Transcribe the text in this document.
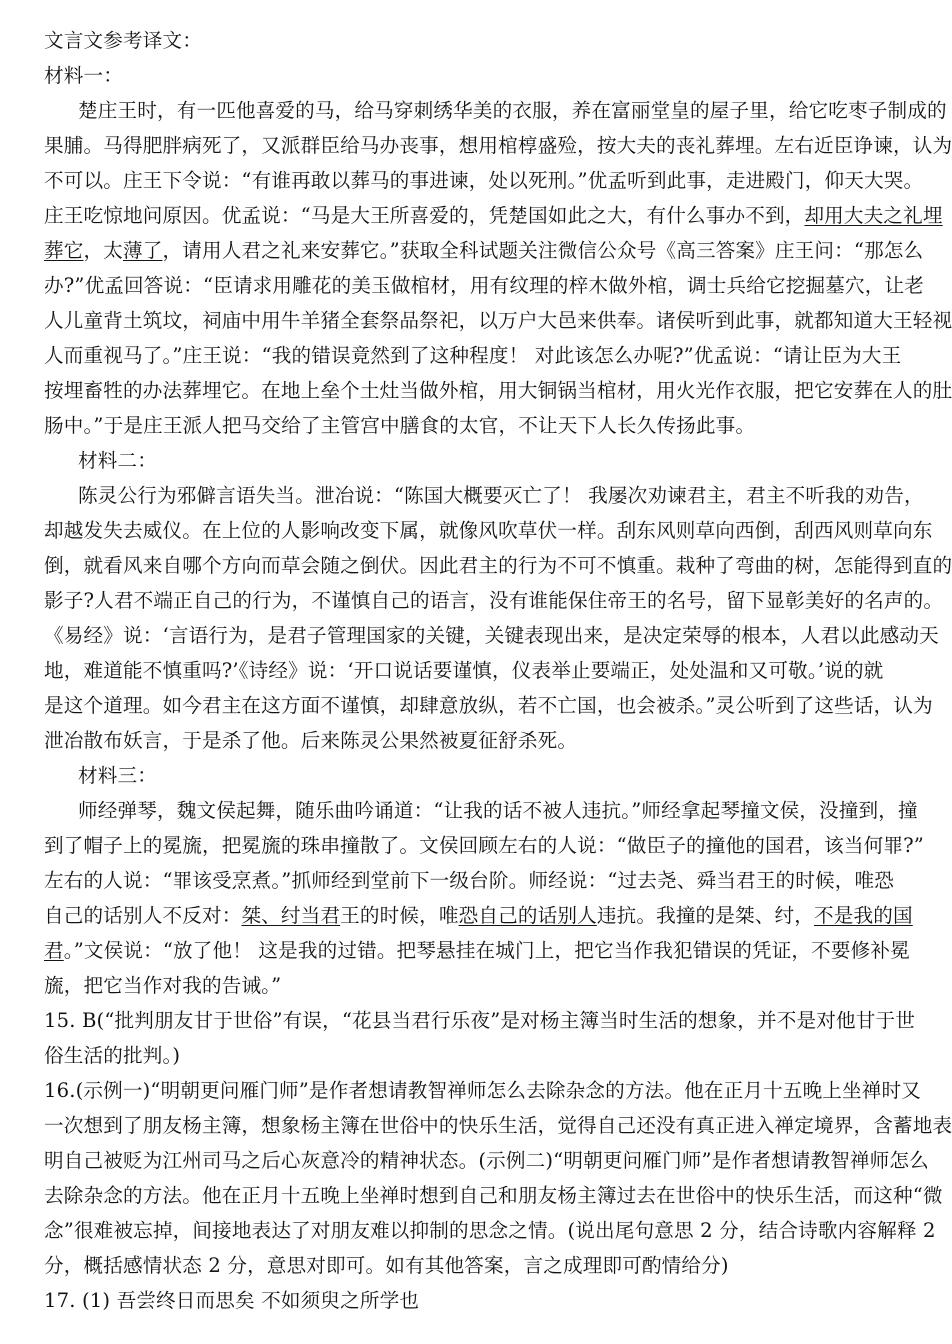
文言文参考译文：
材料一：
楚庄王时，有一匹他喜爱的马，给马穿刺绣华美的衣服，养在富丽堂皇的屋子里，给它吃枣子制成的
果脯。马得肥胖病死了，又派群臣给马办丧事，想用棺椁盛殓，按大夫的丧礼葬埋。左右近臣诤谏，认为
不可以。庄王下令说：“有谁再敢以葬马的事进谏，处以死刑。”优孟听到此事，走进殿门，仰天大哭。
庄王吃惊地问原因。优孟说：“马是大王所喜爱的，凭楚国如此之大，有什么事办不到，却用大夫之礼埋
葬它，太薄了，请用人君之礼来安葬它。”获取全科试题关注微信公众号《高三答案》庄王问：“那怎么
办?”优孟回答说：“臣请求用雕花的美玉做棺材，用有纹理的梓木做外棺，调士兵给它挖掘墓穴，让老
人儿童背土筑坟，祠庙中用牛羊猪全套祭品祭祀，以万户大邑来供奉。诸侯听到此事，就都知道大王轻视
人而重视马了。”庄王说：“我的错误竟然到了这种程度！ 对此该怎么办呢?”优孟说：“请让臣为大王
按埋畜牲的办法葬埋它。在地上垒个土灶当做外棺，用大铜锅当棺材，用火光作衣服，把它安葬在人的肚
肠中。”于是庄王派人把马交给了主管宫中膳食的太官，不让天下人长久传扬此事。
材料二：
陈灵公行为邪僻言语失当。泄冶说：“陈国大概要灭亡了！ 我屡次劝谏君主，君主不听我的劝告，
却越发失去威仪。在上位的人影响改变下属，就像风吹草伏一样。刮东风则草向西倒，刮西风则草向东
倒，就看风来自哪个方向而草会随之倒伏。因此君主的行为不可不慎重。栽种了弯曲的树，怎能得到直的
影子?人君不端正自己的行为，不谨慎自己的语言，没有谁能保住帝王的名号，留下显彰美好的名声的。
《易经》说：‘言语行为，是君子管理国家的关键，关键表现出来，是决定荣辱的根本，人君以此感动天
地，难道能不慎重吗?’《诗经》说：‘开口说话要谨慎，仪表举止要端正，处处温和又可敬。’说的就
是这个道理。如今君主在这方面不谨慎，却肆意放纵，若不亡国，也会被杀。”灵公听到了这些话，认为
泄冶散布妖言，于是杀了他。后来陈灵公果然被夏征舒杀死。
材料三：
师经弹琴，魏文侯起舞，随乐曲吟诵道：“让我的话不被人违抗。”师经拿起琴撞文侯，没撞到，撞
到了帽子上的冕旒，把冕旒的珠串撞散了。文侯回顾左右的人说：“做臣子的撞他的国君，该当何罪?”
左右的人说：“罪该受烹煮。”抓师经到堂前下一级台阶。师经说：“过去尧、舜当君王的时候，唯恐
自己的话别人不反对：桀、纣当君王的时候，唯恐自己的话别人违抗。我撞的是桀、纣，不是我的国
君。”文侯说：“放了他！ 这是我的过错。把琴悬挂在城门上，把它当作我犯错误的凭证，不要修补冕
旒，把它当作对我的告诫。”
15. B(“批判朋友甘于世俗”有误，“花县当君行乐夜”是对杨主簿当时生活的想象，并不是对他甘于世
俗生活的批判。)
16.(示例一)“明朝更问雁门师”是作者想请教智禅师怎么去除杂念的方法。他在正月十五晚上坐禅时又
一次想到了朋友杨主簿，想象杨主簿在世俗中的快乐生活，觉得自己还没有真正进入禅定境界，含蓄地表
明自己被贬为江州司马之后心灰意冷的精神状态。(示例二)“明朝更问雁门师”是作者想请教智禅师怎么
去除杂念的方法。他在正月十五晚上坐禅时想到自己和朋友杨主簿过去在世俗中的快乐生活，而这种“微
念”很难被忘掉，间接地表达了对朋友难以抑制的思念之情。(说出尾句意思 2 分，结合诗歌内容解释 2
分，概括感情状态 2 分，意思对即可。如有其他答案，言之成理即可酌情给分)
17. (1) 吾尝终日而思矣 不如须臾之所学也
